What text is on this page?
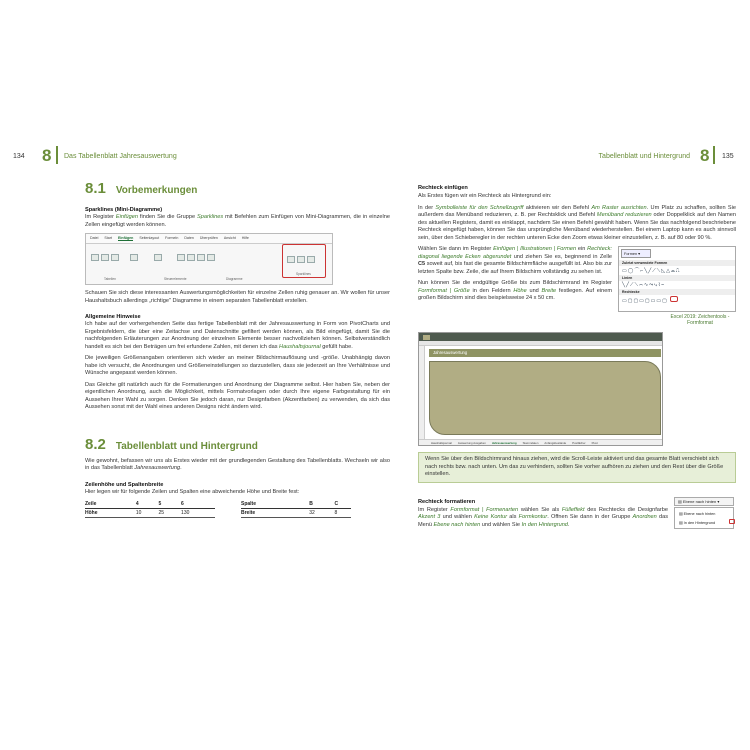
134 8 Das Tabellenblatt Jahresauswertung	Tabellenblatt und Hintergrund 8 135
8.1 Vorbemerkungen
Sparklines (Mini-Diagramme)
Im Register Einfügen finden Sie die Gruppe Sparklines mit Befehlen zum Einfügen von Mini-Diagrammen, die in einzelne Zellen eingefügt werden können.
Datei Start Einfügen Seitenlayout Formeln Daten Überprüfen Ansicht Hilfe

Tabellen	Steuerelemente	Diagramme
Sparklines
Schauen Sie sich diese interessanten Auswertungsmöglichkeiten für einzelne Zellen ruhig genauer an. Wir wollen für unser Haushaltsbuch allerdings „richtige" Diagramme in einem separaten Tabellenblatt erstellen.
Allgemeine Hinweise
Ich habe auf der vorhergehenden Seite das fertige Tabellenblatt mit der Jahresauswertung in Form von PivotCharts und Ergebnisfeldern, die über eine Zeitachse und Datenschnitte gefiltert werden können, als Bild eingefügt, damit Sie die nachfolgenden Erläuterungen zur Anordnung der einzelnen Elemente besser nachvollziehen können. Selbstverständlich handelt es sich bei den Beträgen um frei erfundene Zahlen, mit denen ich das Haushaltsjournal gefüllt habe.
Die jeweiligen Größenangaben orientieren sich wieder an meiner Bildschirmauflösung und -größe. Unabhängig davon habe ich versucht, die Anordnungen und Größeneinstellungen so darzustellen, dass sie jederzeit an Ihre Verhältnisse und Wünsche angepasst werden können.
Das Gleiche gilt natürlich auch für die Formatierungen und Anordnung der Diagramme selbst. Hier haben Sie, neben der eigentlichen Anordnung, auch die Möglichkeit, mittels Formatvorlagen oder durch Ihre eigene Farbgestaltung für ein Aussehen Ihrer Wahl zu sorgen. Denken Sie jedoch daran, nur Designfarben (Akzentfarben) zu verwenden, da sich das Aussehen sonst mit der Wahl eines anderen Designs nicht ändern wird.
8.2 Tabellenblatt und Hintergrund
Wie gewohnt, befassen wir uns als Erstes wieder mit der grundlegenden Gestaltung des Tabellenblatts. Wechseln wir also in das Tabellenblatt Jahresauswertung.
Zeilenhöhe und Spaltenbreite
Hier legen wir für folgende Zeilen und Spalten eine abweichende Höhe und Breite fest:
Zeile	4	5	6
Höhe	10	25	130
Spalte	B	C
Breite	32	8
Rechteck einfügen
Als Erstes fügen wir ein Rechteck als Hintergrund ein:
In der Symbolleiste für den Schnellzugriff aktivieren wir den Befehl Am Raster ausrichten. Um Platz zu schaffen, sollten Sie außerdem das Menüband reduzieren, z. B. per Rechtsklick und Befehl Menüband reduzieren oder Doppelklick auf den Namen des aktuellen Registers, damit es einklappt, nachdem Sie einen Befehl gewählt haben. Wenn Sie das nachfolgend beschriebene Rechteck eingefügt haben, können Sie das ursprüngliche Menüband wiederherstellen. Bei einem Laptop kann es auch sinnvoll sein, über den Schieberegler in der rechten unteren Ecke den Zoom etwas kleiner einzustellen, z. B. auf 80 oder 90 %.
Wählen Sie dann im Register Einfügen | Illustrationen | Formen ein Rechteck: diagonal liegende Ecken abgerundet und ziehen Sie es, beginnend in Zelle C5 soweit auf, bis fast die gesamte Bildschirmfläche ausgefüllt ist. Also bis zur letzten Spalte bzw. Zeile, die auf Ihrem Bildschirm vollständig zu sehen ist.
Nun können Sie die endgültige Größe bis zum Bildschirmrand im Register Formformat | Größe in den Feldern Höhe und Breite festlegen. Auf einem großen Bildschirm sind dies beispielsweise 24 x 50 cm.
Formen ▾
Zuletzt verwendete Formen
▭◯⌒⌐╲╱⟋⟍◺△⌓⎍
Linien
╲╱⟋⟍⌒∿⤳⤷⌇⎯
Rechtecke
▭▢▢▭▢▭▭▢
Excel 2019: Zeichentools - Formformat
Jahresauswertung
Haushaltsjournal Auswertung Ausgaben Jahresauswertung Stammdaten Anfangsbestände Postfächer Pivot
Wenn Sie über den Bildschirmrand hinaus ziehen, wird die Scroll-Leiste aktiviert und das gesamte Blatt verschiebt sich nach rechts bzw. nach unten. Um das zu verhindern, sollten Sie vorher aufhören zu ziehen und den Rest über die Größe einstellen.
Rechteck formatieren
Im Register Formformat | Formenarten wählen Sie als Fülleffekt des Rechtecks die Designfarbe Akzent 3 und wählen Keine Kontur als Formkontur. Offnen Sie dann in der Gruppe Anordnen das Menü Ebene nach hinten und wählen Sie In den Hintergrund.
▤ Ebene nach hinten ▾
▤ Ebene nach hinten
▤ In den Hintergrund
